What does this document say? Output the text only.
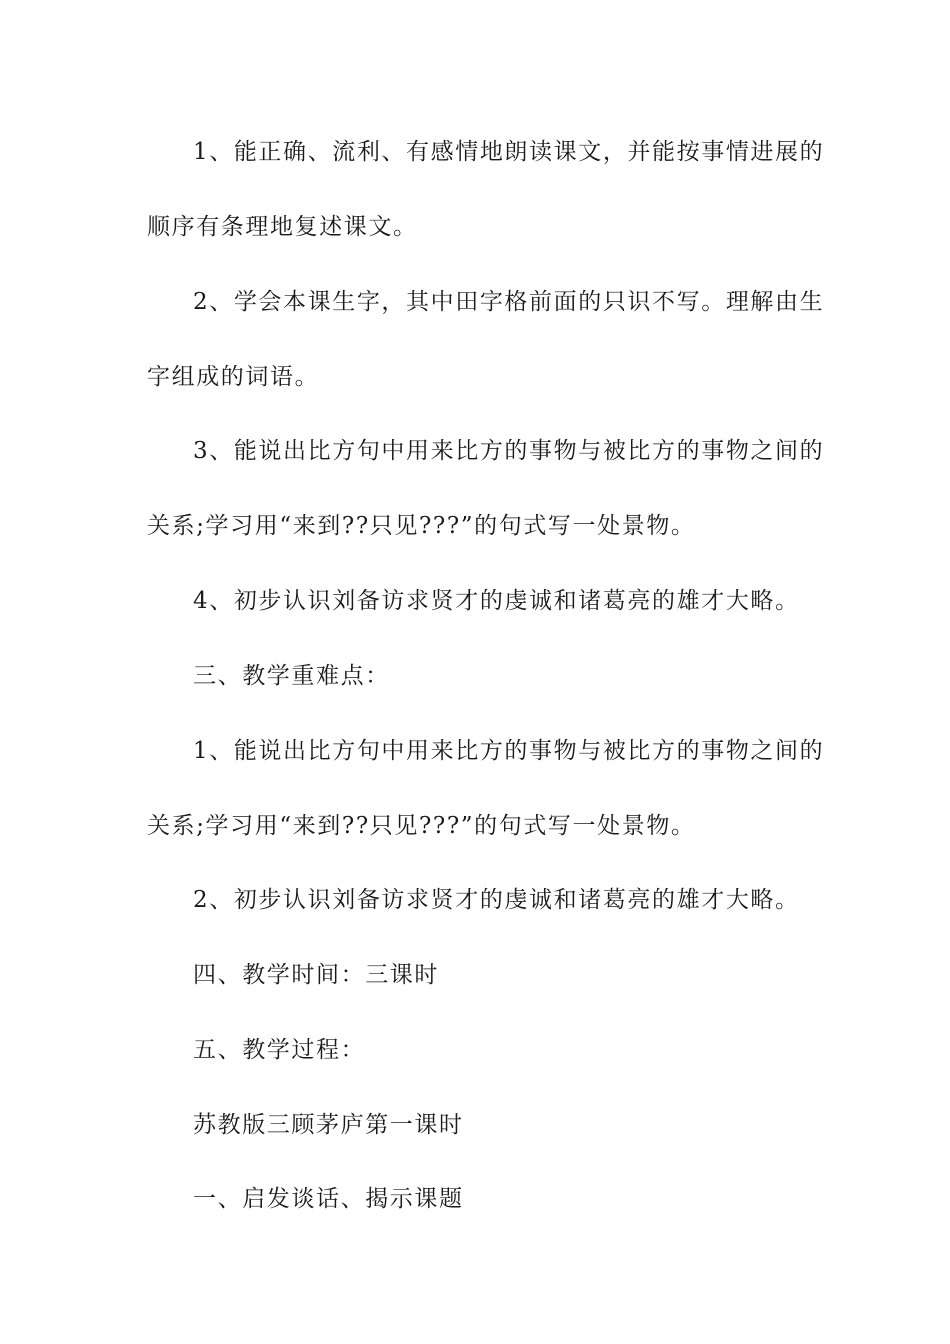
1、能正确、流利、有感情地朗读课文，并能按事情进展的
顺序有条理地复述课文。
2、学会本课生字，其中田字格前面的只识不写。理解由生
字组成的词语。
3、能说出比方句中用来比方的事物与被比方的事物之间的
关系;学习用“来到??只见???”的句式写一处景物。
4、初步认识刘备访求贤才的虔诚和诸葛亮的雄才大略。
三、教学重难点：
1、能说出比方句中用来比方的事物与被比方的事物之间的
关系;学习用“来到??只见???”的句式写一处景物。
2、初步认识刘备访求贤才的虔诚和诸葛亮的雄才大略。
四、教学时间：三课时
五、教学过程：
苏教版三顾茅庐第一课时
一、启发谈话、揭示课题
